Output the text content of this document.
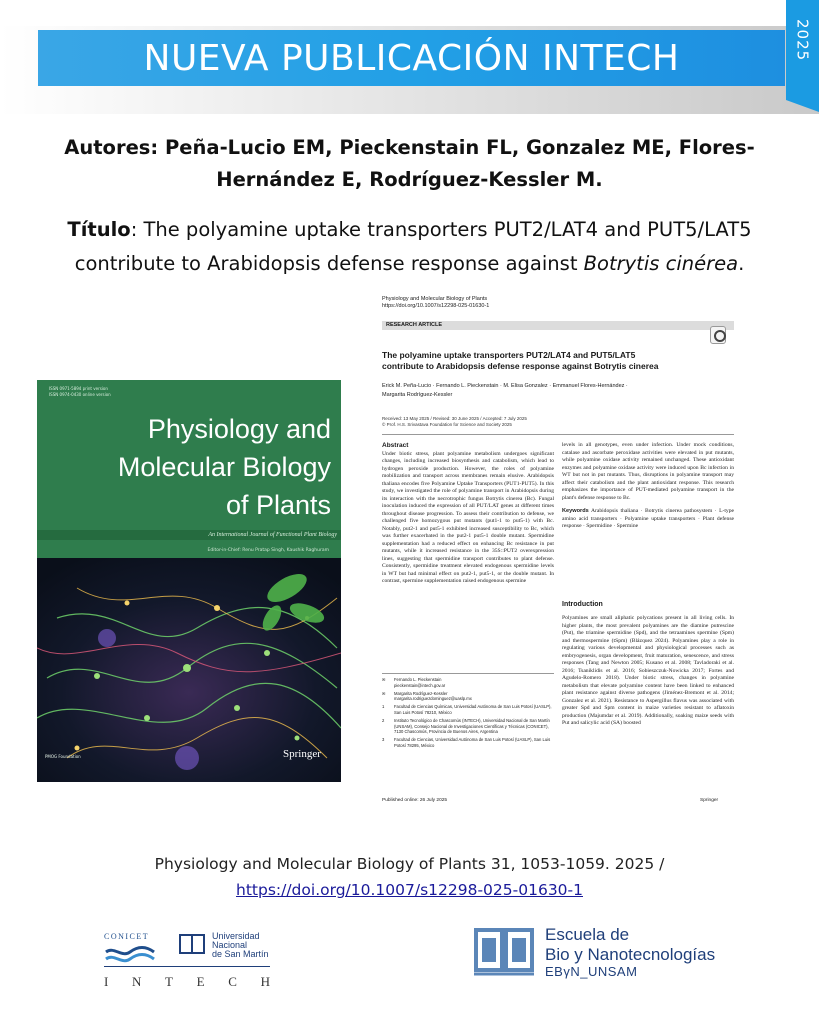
NUEVA PUBLICACIÓN INTECH	2025
Autores: Peña-Lucio EM, Pieckenstain FL, Gonzalez ME, Flores-
Hernández E, Rodríguez-Kessler M.
Título: The polyamine uptake transporters PUT2/LAT4 and PUT5/LAT5
contribute to Arabidopsis defense response against Botrytis cinérea.
ISSN 0971-5894 print version
ISSN 0974-0430 online version
Physiology and
Molecular Biology
of Plants
An International Journal of Functional Plant Biology
Editor-in-Chief: Renu Pratap Singh, Kaushik Raghuram
PMOG Foundation	Springer
Physiology and Molecular Biology of Plants
https://doi.org/10.1007/s12298-025-01630-1
RESEARCH ARTICLE
The polyamine uptake transporters PUT2/LAT4 and PUT5/LAT5
contribute to Arabidopsis defense response against Botrytis cinerea
Erick M. Peña-Lucio · Fernando L. Pieckenstain · M. Elisa Gonzalez · Emmanuel Flores-Hernández ·
Margarita Rodríguez-Kessler
Received: 13 May 2025 / Revised: 30 June 2025 / Accepted: 7 July 2025
© Prof. H.S. Srivastava Foundation for Science and Society 2025
Abstract
Under biotic stress, plant polyamine metabolism undergoes significant changes, including increased biosynthesis and catabolism, which lead to hydrogen peroxide production. However, the roles of polyamine mobilization and transport across membranes remain elusive. Arabidopsis thaliana encodes five Polyamine Uptake Transporters (PUT1-PUT5). In this study, we investigated the role of polyamine transport in Arabidopsis during its interaction with the necrotrophic fungus Botrytis cinerea (Bc). Fungal inoculation induced the expression of all PUT/LAT genes at different times throughout disease progression. To assess their contribution to defense, we challenged five homozygous put mutants (put1-1 to put5-1) with Bc. Notably, put2-1 and put5-1 exhibited increased susceptibility to Bc, which was further exacerbated in the put2-1 put5-1 double mutant. Spermidine supplementation had a reduced effect on enhancing Bc resistance in put mutants, while it increased resistance in the 35S::PUT2 overexpression lines, suggesting that spermidine transport contributes to plant defense. Consistently, spermidine treatment elevated endogenous spermidine levels in WT but had minimal effect on put2-1, put5-1, or the double mutant. In contrast, spermine supplementation raised endogenous spermine
levels in all genotypes, even under infection. Under mock conditions, catalase and ascorbate peroxidase activities were elevated in put mutants, while polyamine oxidase activity remained unchanged. These antioxidant enzymes and polyamine oxidase activity were induced upon Bc infection in WT but not in put mutants. Thus, disruptions in polyamine transport may affect their catabolism and the plant antioxidant response. This research emphasizes the importance of PUT-mediated polyamine transport in the plant's defense response to Bc.
Keywords Arabidopsis thaliana · Botrytis cinerea pathosystem · L-type amino acid transporters · Polyamine uptake transporters · Plant defense response · Spermidine · Spermine
Introduction
Polyamines are small aliphatic polycations present in all living cells. In higher plants, the most prevalent polyamines are the diamine putrescine (Put), the triamine spermidine (Spd), and the tetraamines spermine (Spm) and thermospermine (tSpm) (Blázquez 2024). Polyamines play a role in regulating various developmental and physiological processes such as embryogenesis, organ development, fruit maturation, senescence, and stress responses (Tang and Newton 2005; Kusano et al. 2008; Tavladoraki et al. 2016; Tsaniklidis et al. 2016; Sobieszczuk-Nowicka 2017; Fortes and Agudelo-Romero 2018). Under biotic stress, changes in polyamine metabolism that elevate polyamine content have been linked to enhanced plant resistance against diverse pathogens (Jiménez-Bremont et al. 2014; Gonzalez et al. 2021). Resistance to Aspergillus flavus was associated with greater Spd and Spm content in maize varieties resistant to aflatoxin production (Majumdar et al. 2019). Additionally, soaking maize seeds with Put and salicylic acid (SA) boosted
✉	Fernando L. Pieckenstain
pieckenstain@intech.gov.ar
✉	Margarita Rodríguez-Kessler
margarita.rodriguezdominguez@uaslp.mx
1	Facultad de Ciencias Químicas, Universidad Autónoma de San Luis Potosí (UASLP), San Luis Potosí 78210, México
2	Instituto Tecnológico de Chascomús (INTECH), Universidad Nacional de San Martín (UNSAM), Consejo Nacional de Investigaciones Científicas y Técnicas (CONICET), 7130 Chascomús, Provincia de Buenos Aires, Argentina
3	Facultad de Ciencias, Universidad Autónoma de San Luis Potosí (UASLP), San Luis Potosí 78295, México
Published online: 26 July 2025	Springer
Physiology and Molecular Biology of Plants 31, 1053-1059. 2025 /
https://doi.org/10.1007/s12298-025-01630-1
CONICET	Universidad
Nacional
de San Martín
I N T E C H
Escuela de
Bio y Nanotecnologías
EBγN_UNSAM
